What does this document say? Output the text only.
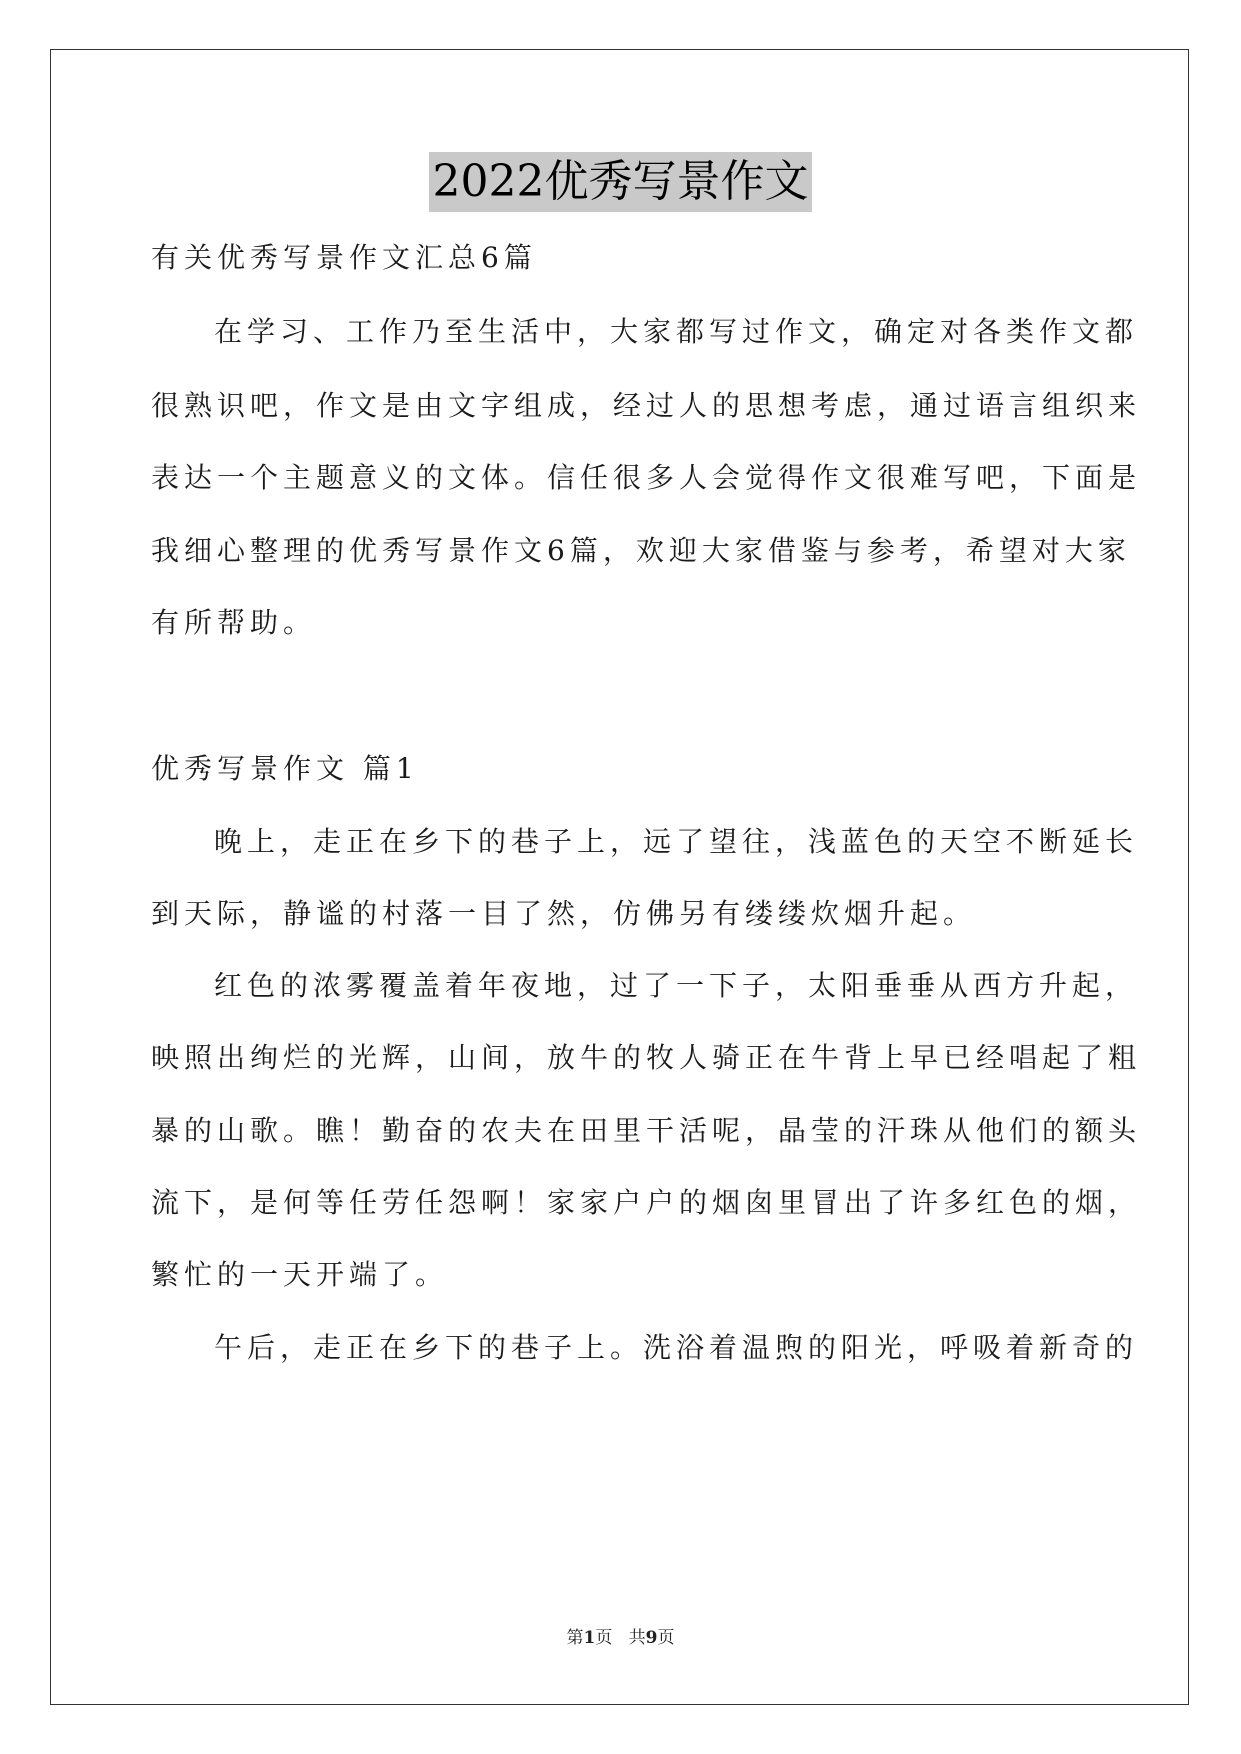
2022优秀写景作文
有关优秀写景作文汇总6篇
在学习、工作乃至生活中，大家都写过作文，确定对各类作文都
很熟识吧，作文是由文字组成，经过人的思想考虑，通过语言组织来
表达一个主题意义的文体。信任很多人会觉得作文很难写吧，下面是
我细心整理的优秀写景作文6篇，欢迎大家借鉴与参考，希望对大家
有所帮助。
优秀写景作文 篇1
晚上，走正在乡下的巷子上，远了望往，浅蓝色的天空不断延长
到天际，静谧的村落一目了然，仿佛另有缕缕炊烟升起。
红色的浓雾覆盖着年夜地，过了一下子，太阳垂垂从西方升起，
映照出绚烂的光辉，山间，放牛的牧人骑正在牛背上早已经唱起了粗
暴的山歌。瞧！勤奋的农夫在田里干活呢，晶莹的汗珠从他们的额头
流下，是何等任劳任怨啊！家家户户的烟囱里冒出了许多红色的烟，
繁忙的一天开端了。
午后，走正在乡下的巷子上。洗浴着温煦的阳光，呼吸着新奇的
第1页   共9页
